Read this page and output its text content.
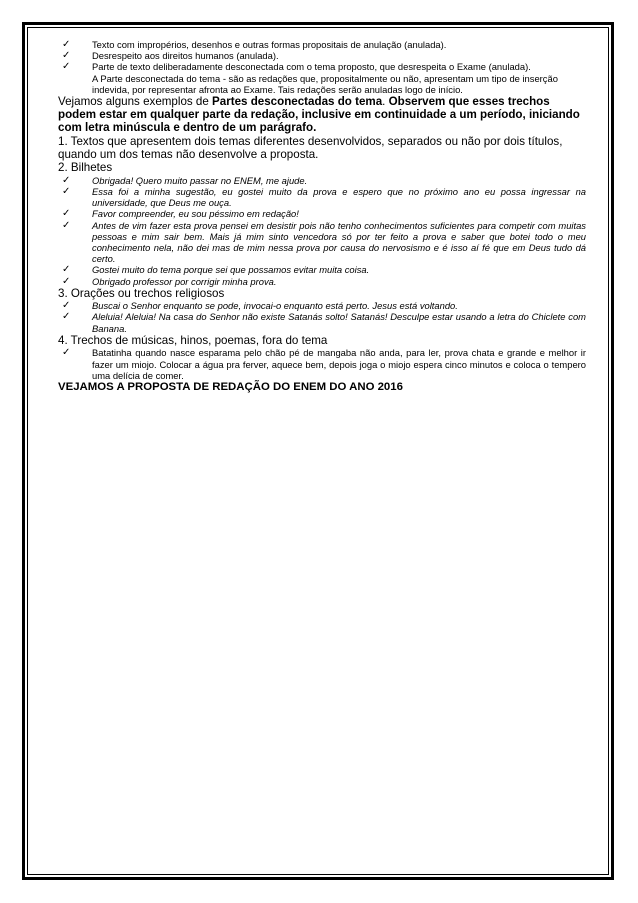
✓ Texto com impropérios, desenhos e outras formas propositais de anulação (anulada).
✓ Desrespeito aos direitos humanos (anulada).
✓ Parte de texto deliberadamente desconectada com o tema proposto, que desrespeita o Exame (anulada).
A Parte desconectada do tema - são as redações que, propositalmente ou não, apresentam um tipo de inserção indevida, por representar afronta ao Exame. Tais redações serão anuladas logo de início.

Vejamos alguns exemplos de Partes desconectadas do tema. Observem que esses trechos podem estar em qualquer parte da redação, inclusive em continuidade a um período, iniciando com letra minúscula e dentro de um parágrafo.

1. Textos que apresentem dois temas diferentes desenvolvidos, separados ou não por dois títulos, quando um dos temas não desenvolve a proposta.

2. Bilhetes

✓ Obrigada! Quero muito passar no ENEM, me ajude.
✓ Essa foi a minha sugestão, eu gostei muito da prova e espero que no próximo ano eu possa ingressar na universidade, que Deus me ouça.
✓ Favor compreender, eu sou péssimo em redação!
✓ Antes de vim fazer esta prova pensei em desistir pois não tenho conhecimentos suficientes para competir com muitas pessoas e mim sair bem. Mais já mim sinto vencedora só por ter feito a prova e saber que botei todo o meu conhecimento nela, não dei mas de mim nessa prova por causa do nervosismo e é isso aí fé que em Deus tudo dá certo.
✓ Gostei muito do tema porque sei que possamos evitar muita coisa.
✓ Obrigado professor por corrigir minha prova.

3. Orações ou trechos religiosos

✓ Buscai o Senhor enquanto se pode, invocai-o enquanto está perto. Jesus está voltando.
✓ Aleluia! Aleluia! Na casa do Senhor não existe Satanás solto! Satanás! Desculpe estar usando a letra do Chiclete com Banana.

4. Trechos de músicas, hinos, poemas, fora do tema

✓ Batatinha quando nasce esparama pelo chão pé de mangaba não anda, para ler, prova chata e grande e melhor ir fazer um miojo. Colocar a água pra ferver, aquece bem, depois joga o miojo espera cinco minutos e coloca o tempero uma delícia de comer.

VEJAMOS A PROPOSTA DE REDAÇÃO DO ENEM DO ANO 2016
